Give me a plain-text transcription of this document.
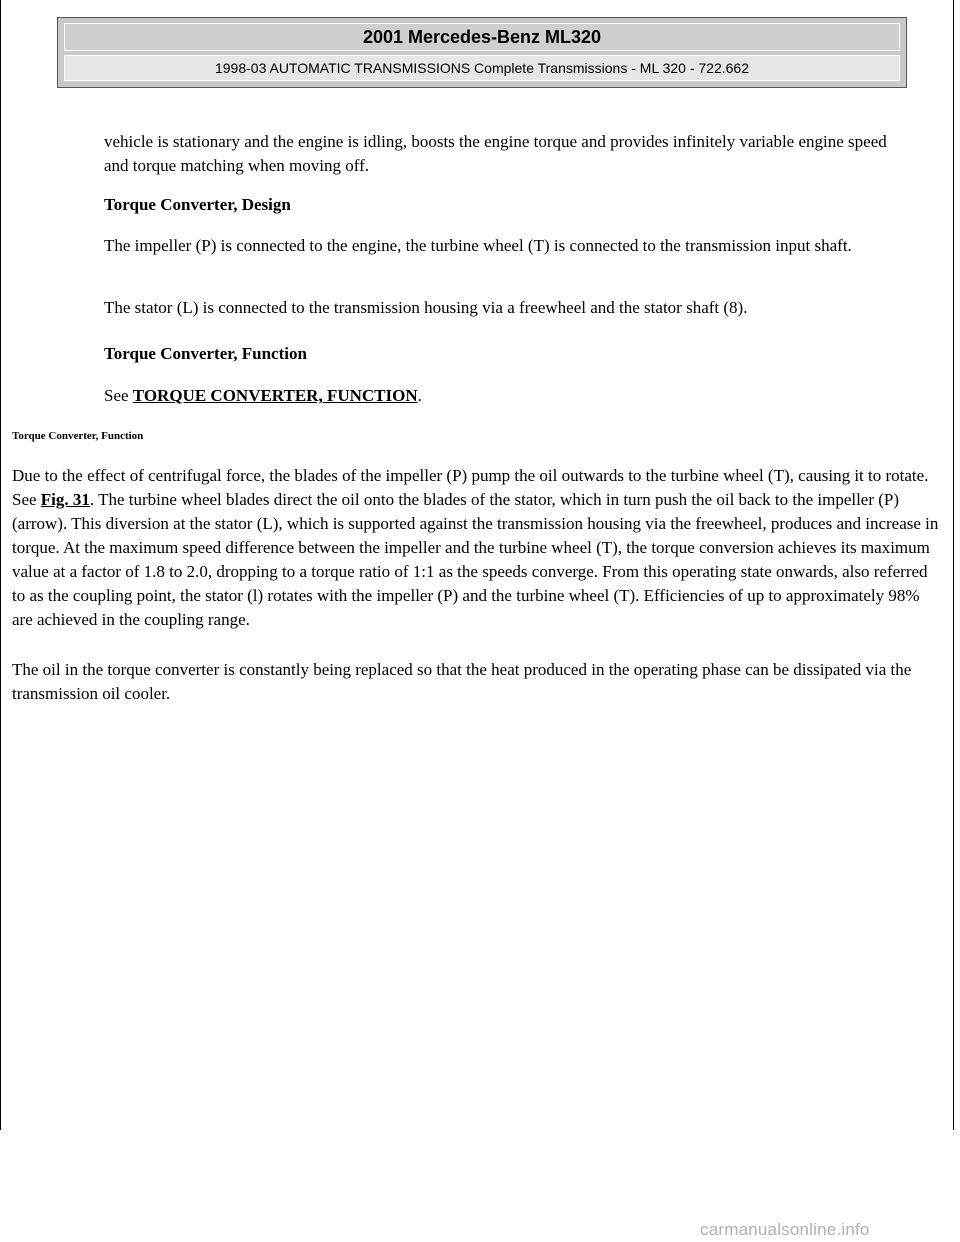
2001 Mercedes-Benz ML320
1998-03 AUTOMATIC TRANSMISSIONS Complete Transmissions - ML 320 - 722.662

vehicle is stationary and the engine is idling, boosts the engine torque and provides infinitely variable engine speed and torque matching when moving off.

Torque Converter, Design

The impeller (P) is connected to the engine, the turbine wheel (T) is connected to the transmission input shaft.

The stator (L) is connected to the transmission housing via a freewheel and the stator shaft (8).

Torque Converter, Function

See TORQUE CONVERTER, FUNCTION.

Torque Converter, Function

Due to the effect of centrifugal force, the blades of the impeller (P) pump the oil outwards to the turbine wheel (T), causing it to rotate. See Fig. 31. The turbine wheel blades direct the oil onto the blades of the stator, which in turn push the oil back to the impeller (P) (arrow). This diversion at the stator (L), which is supported against the transmission housing via the freewheel, produces and increase in torque. At the maximum speed difference between the impeller and the turbine wheel (T), the torque conversion achieves its maximum value at a factor of 1.8 to 2.0, dropping to a torque ratio of 1:1 as the speeds converge. From this operating state onwards, also referred to as the coupling point, the stator (l) rotates with the impeller (P) and the turbine wheel (T). Efficiencies of up to approximately 98% are achieved in the coupling range.

The oil in the torque converter is constantly being replaced so that the heat produced in the operating phase can be dissipated via the transmission oil cooler.

carmanualsonline.info
